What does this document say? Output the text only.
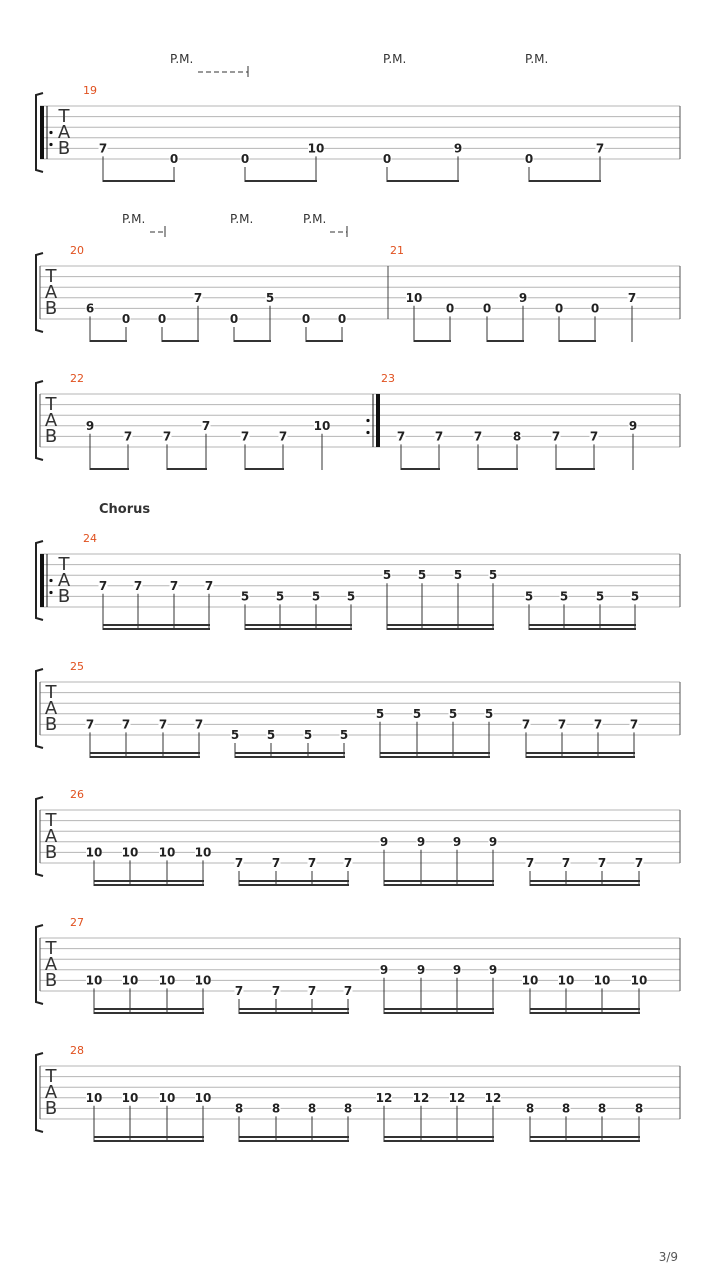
T
A
B
P.M.	P.M.	P.M.
19
7
0	0
10
0
9
0
7
T
A
B
P.M.	P.M.	P.M.
20
6
0 0
7
0
5
0 0
21
10
0 0
9
0 0
7
T
A
B
22
9
7	7
7
7 7
10
23
7 7	7	8	7 7
9
T
A
B
24
7 7 7 7
5 5 5 5
5 5 5 5
5 5 5 5
T
A
B
25
7 7 7 7
5 5 5 5
5 5 5 5
7 7 7 7
T
A
B
26
10 10 10 10
7 7 7 7
9 9 9 9
7 7 7 7
T
A
B
27
10 10 10 10
7 7 7 7
9 9 9 9
10 10 10 10
T
A
B
28
10 10 10 10
8 8 8 8
12 12 12 12
8 8 8 8
Chorus
3/9
